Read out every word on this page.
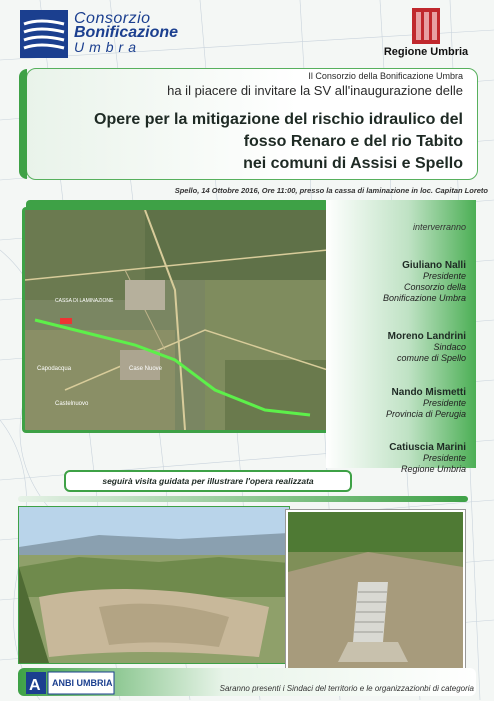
Consorzio
Bonificazione
Umbra	Regione Umbria
Il Consorzio della Bonificazione Umbra
ha il piacere di invitare la SV all'inaugurazione delle
Opere per la mitigazione del rischio idraulico del
fosso Renaro e del rio Tabito
nei comuni di Assisi e Spello
Spello, 14 Ottobre 2016, Ore 11:00, presso la cassa di laminazione in loc. Capitan Loreto
CASSA DI LAMINAZIONE
Capodacqua	Case Nuove
Castelnuovo
interverranno
Giuliano Nalli
Presidente
Consorzio della
Bonificazione Umbra
Moreno Landrini
Sindaco
comune di Spello
Nando Mismetti
Presidente
Provincia di Perugia
Catiuscia Marini
Presidente
Regione Umbria
seguirà visita guidata per illustrare l'opera realizzata
A ANBI UMBRIA
Saranno presenti i Sindaci del territorio e le organizzazionbi di categoria
